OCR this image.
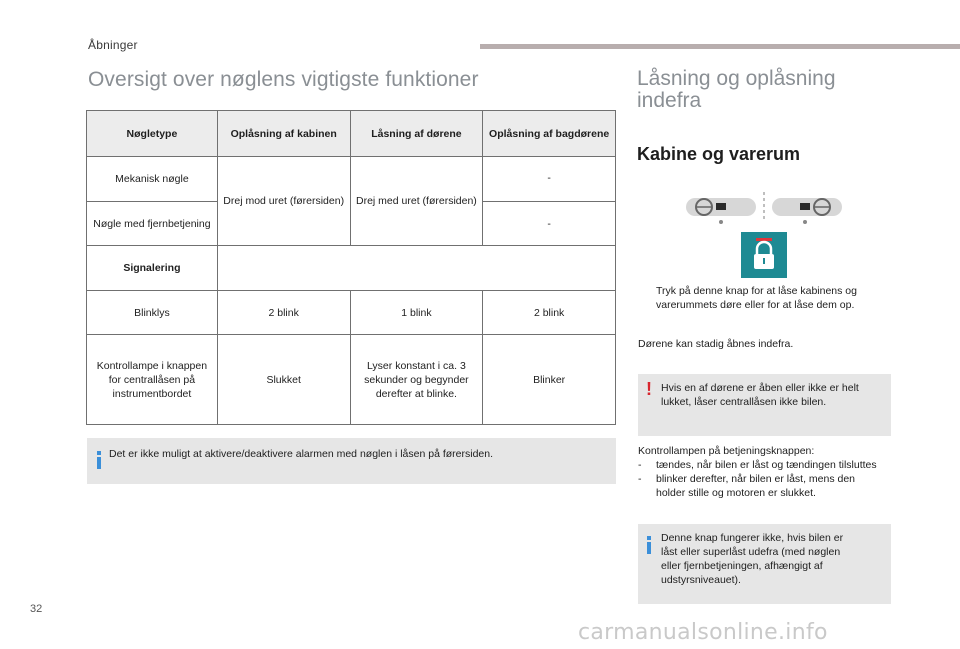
Åbninger
Oversigt over nøglens vigtigste funktioner
Nøgletype	Oplåsning af kabinen	Låsning af dørene	Oplåsning af bagdørene
Mekanisk nøgle	Drej mod uret (førersiden)	Drej med uret (førersiden)	-
Nøgle med fjernbetjening			-
Signalering			
Blinklys	2 blink	1 blink	2 blink
Kontrollampe i knappen for centrallåsen på instrumentbordet	Slukket	Lyser konstant i ca. 3 sekunder og begynder derefter at blinke.	Blinker
Det er ikke muligt at aktivere/deaktivere alarmen med nøglen i låsen på førersiden.
Låsning og oplåsning
indefra
Kabine og varerum
Tryk på denne knap for at låse kabinens og
varerummets døre eller for at låse dem op.
Dørene kan stadig åbnes indefra.
! Hvis en af dørene er åben eller ikke er helt
lukket, låser centrallåsen ikke bilen.
Kontrollampen på betjeningsknappen:
- tændes, når bilen er låst og tændingen tilsluttes
- blinker derefter, når bilen er låst, mens den
holder stille og motoren er slukket.
Denne knap fungerer ikke, hvis bilen er
låst eller superlåst udefra (med nøglen
eller fjernbetjeningen, afhængigt af
udstyrsniveauet).
32
carmanualsonline.info
